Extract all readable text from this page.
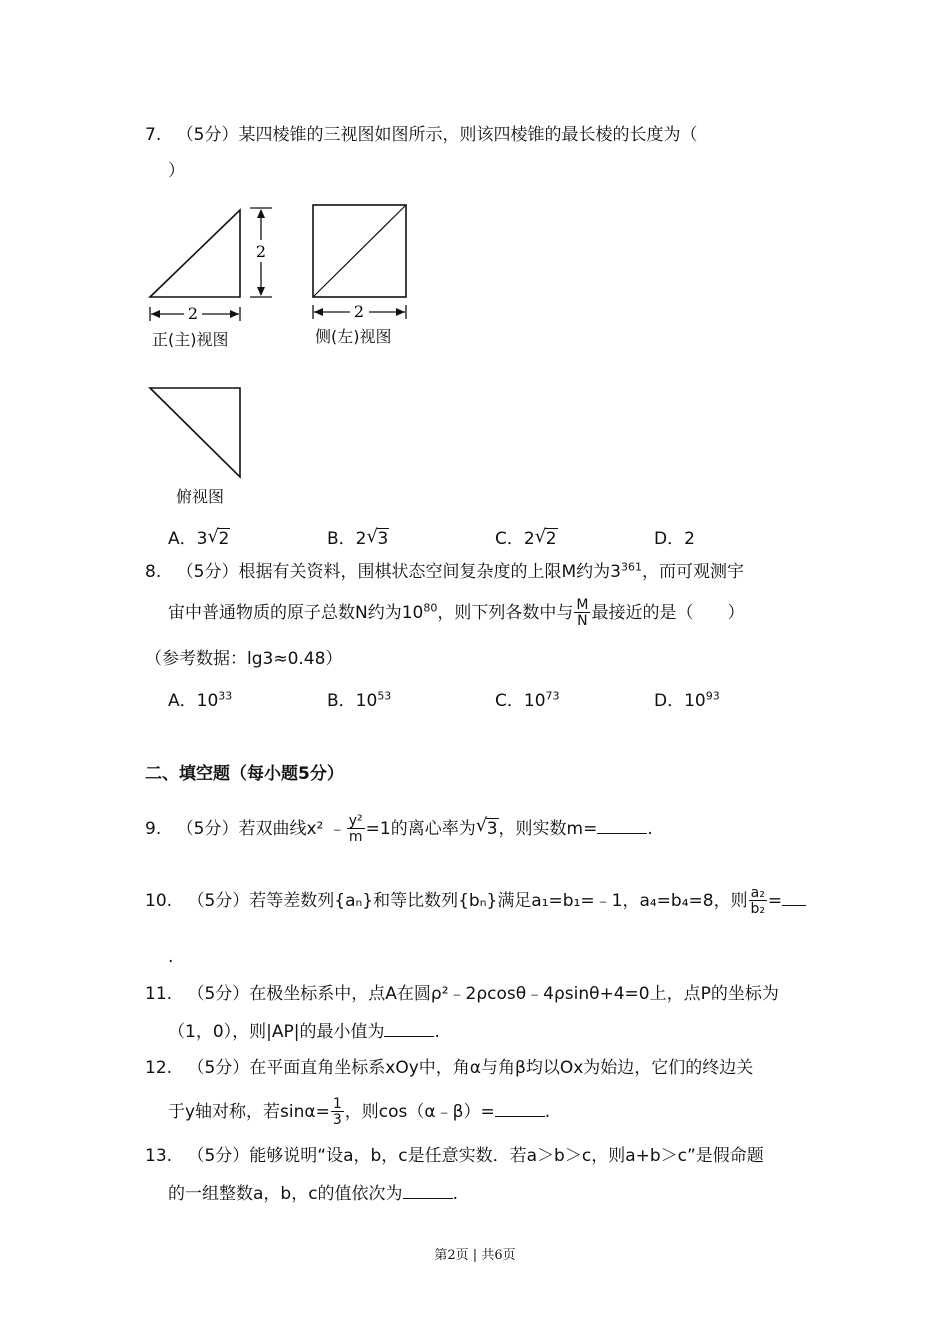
7. （5分）某四棱锥的三视图如图所示，则该四棱锥的最长棱的长度为（
）
2
2	2
正(主)视图	侧(左)视图
俯视图
A．3 √ 2	B．2 √ 3	C．2 √ 2	D．2
8. （5分）根据有关资料，围棋状态空间复杂度的上限M约为$3^{361}$，而可观测宇
宙中普通物质的原子总数N约为$10^{80}$，则下列各数中与 $\frac{M}{N}$ 最接近的是（　　）
（参考数据：lg3≈0.48）
A．$10^{33}$	B．$10^{53}$	C．$10^{73}$	D．$10^{93}$
二、填空题（每小题5分）
9. （5分）若双曲线x² ﹣ $\frac{\text{y²}}{m} =1$的离心率为 √ 3，则实数m=	.
10. （5分）若等差数列{aₙ}和等比数列{bₙ}满足a₁=b₁=﹣1，a₄=b₄=8，则 $\frac{\text{a₂}}{\text{b₂}}$ =
.
11. （5分）在极坐标系中，点A在圆ρ²﹣2ρcosθ﹣4ρsinθ+4=0上，点P的坐标为
（1，0），则|AP|的最小值为	.
12. （5分）在平面直角坐标系xOy中，角α与角β均以Ox为始边，它们的终边关
于y轴对称，若$\sin\alpha= \frac{1}{3}$ ，则cos（α﹣β）=	.
13. （5分）能够说明“设a，b，c是任意实数．若a＞b＞c，则a+b＞c”是假命题
的一组整数a，b，c的值依次为	.
第2页 | 共6页
